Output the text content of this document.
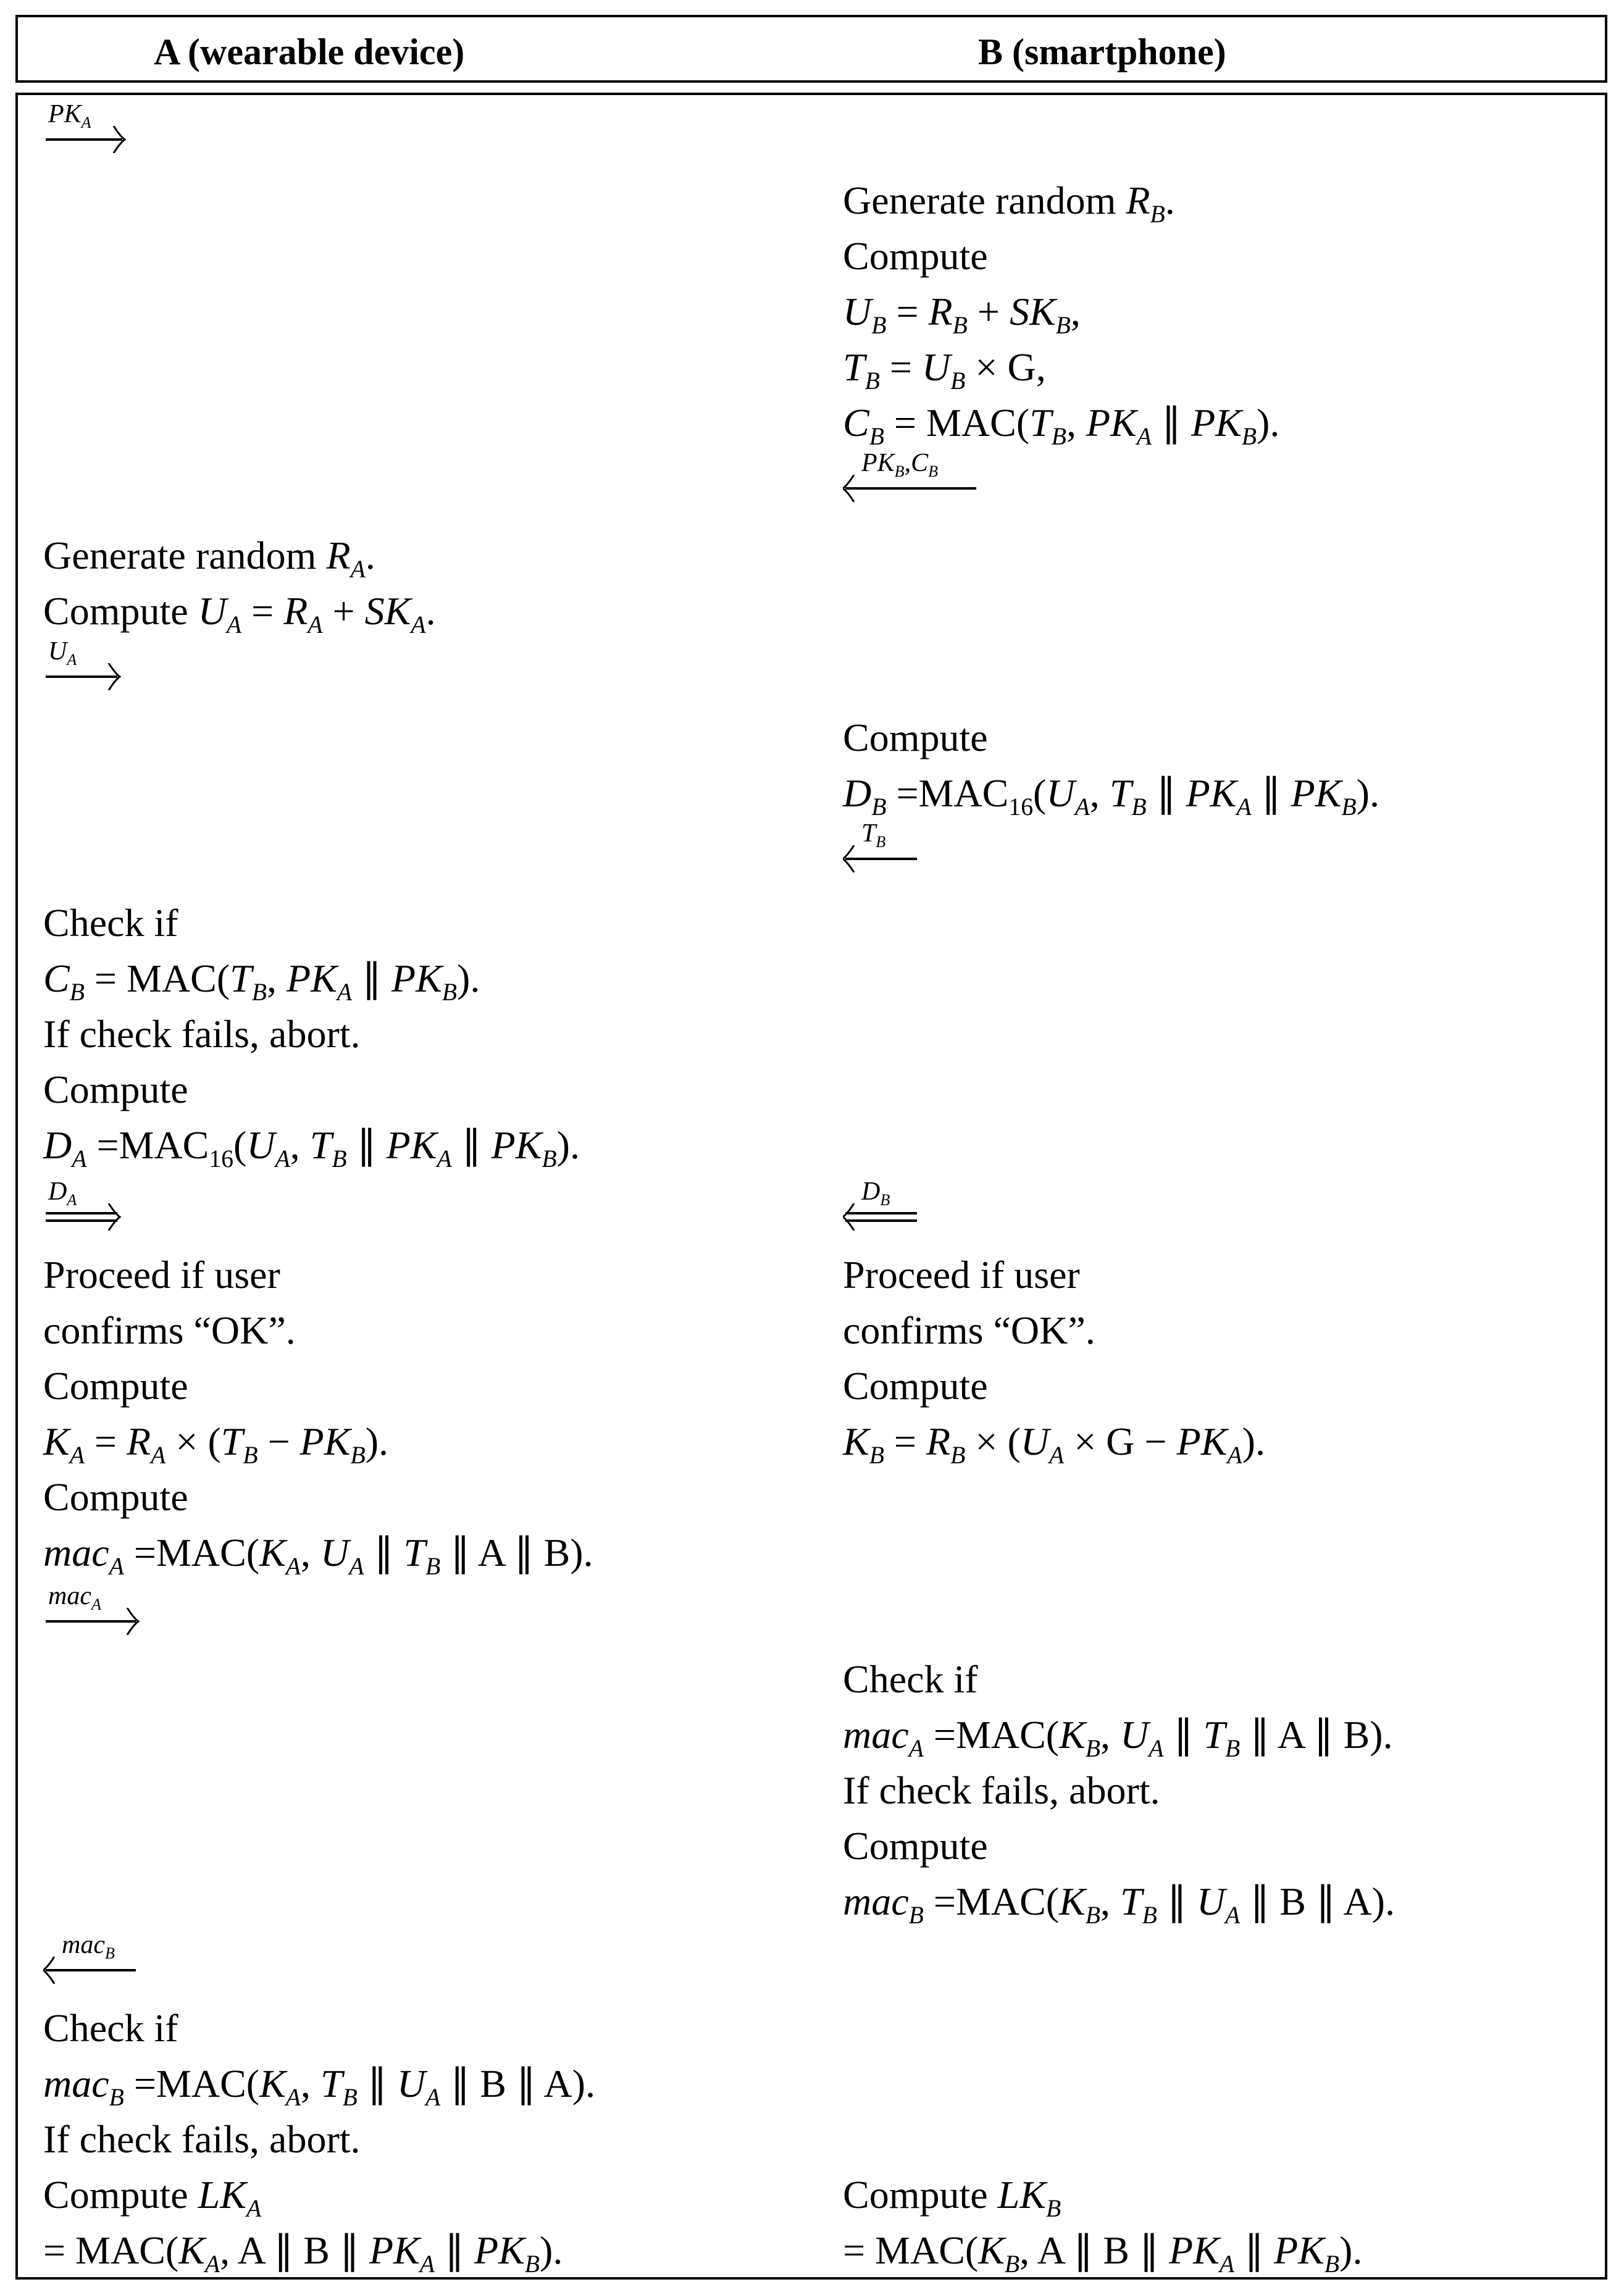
A (wearable device)	B (smartphone)
$PK_A$
Generate random $R_B$.
Compute
$U_B = R_B + SK_B$,
$T_B = U_B \times G$,
$C_B = MAC(T_B$, $PK_A$ ∥ $PK_B$).
$PK_B,C_B$
Generate random $R_A$.
Compute $U_A = R_A + SK_A$.
$U_A$
Compute
$D_B =MAC_{16}(U_A$, $T_B$ ∥ $PK_A$ ∥ $PK_B$).
$T_B$
Check if
$C_B = MAC(T_B$, $PK_A$ ∥ $PK_B$).
If check fails, abort.
Compute
$D_A =MAC_{16}(U_A$, $T_B$ ∥ $PK_A$ ∥ $PK_B$).
$D_A$	$D_B$
Proceed if user
confirms “OK”.
Compute
$K_A = R_A \times (T_B - PK_B)$.
Compute
$mac_A =MAC(K_A$, $U_A$ ∥ $T_B$ ∥ A ∥ B).
Proceed if user
confirms “OK”.
Compute
$K_B = R_B \times (U_A \times G - PK_A)$.
mac$_A$
Check if
$mac_A =MAC(K_B$, $U_A$ ∥ $T_B$ ∥ A ∥ B).
If check fails, abort.
Compute
$mac_B =MAC(K_B$, $T_B$ ∥ $U_A$ ∥ B ∥ A).
mac$_B$
Check if
$mac_B =MAC(K_A$, $T_B$ ∥ $U_A$ ∥ B ∥ A).
If check fails, abort.
Compute $LK_A$
= $MAC(K_A$, A ∥ B ∥ $PK_A$ ∥ $PK_B$).
Compute $LK_B$
= $MAC(K_B$, A ∥ B ∥ $PK_A$ ∥ $PK_B$).
